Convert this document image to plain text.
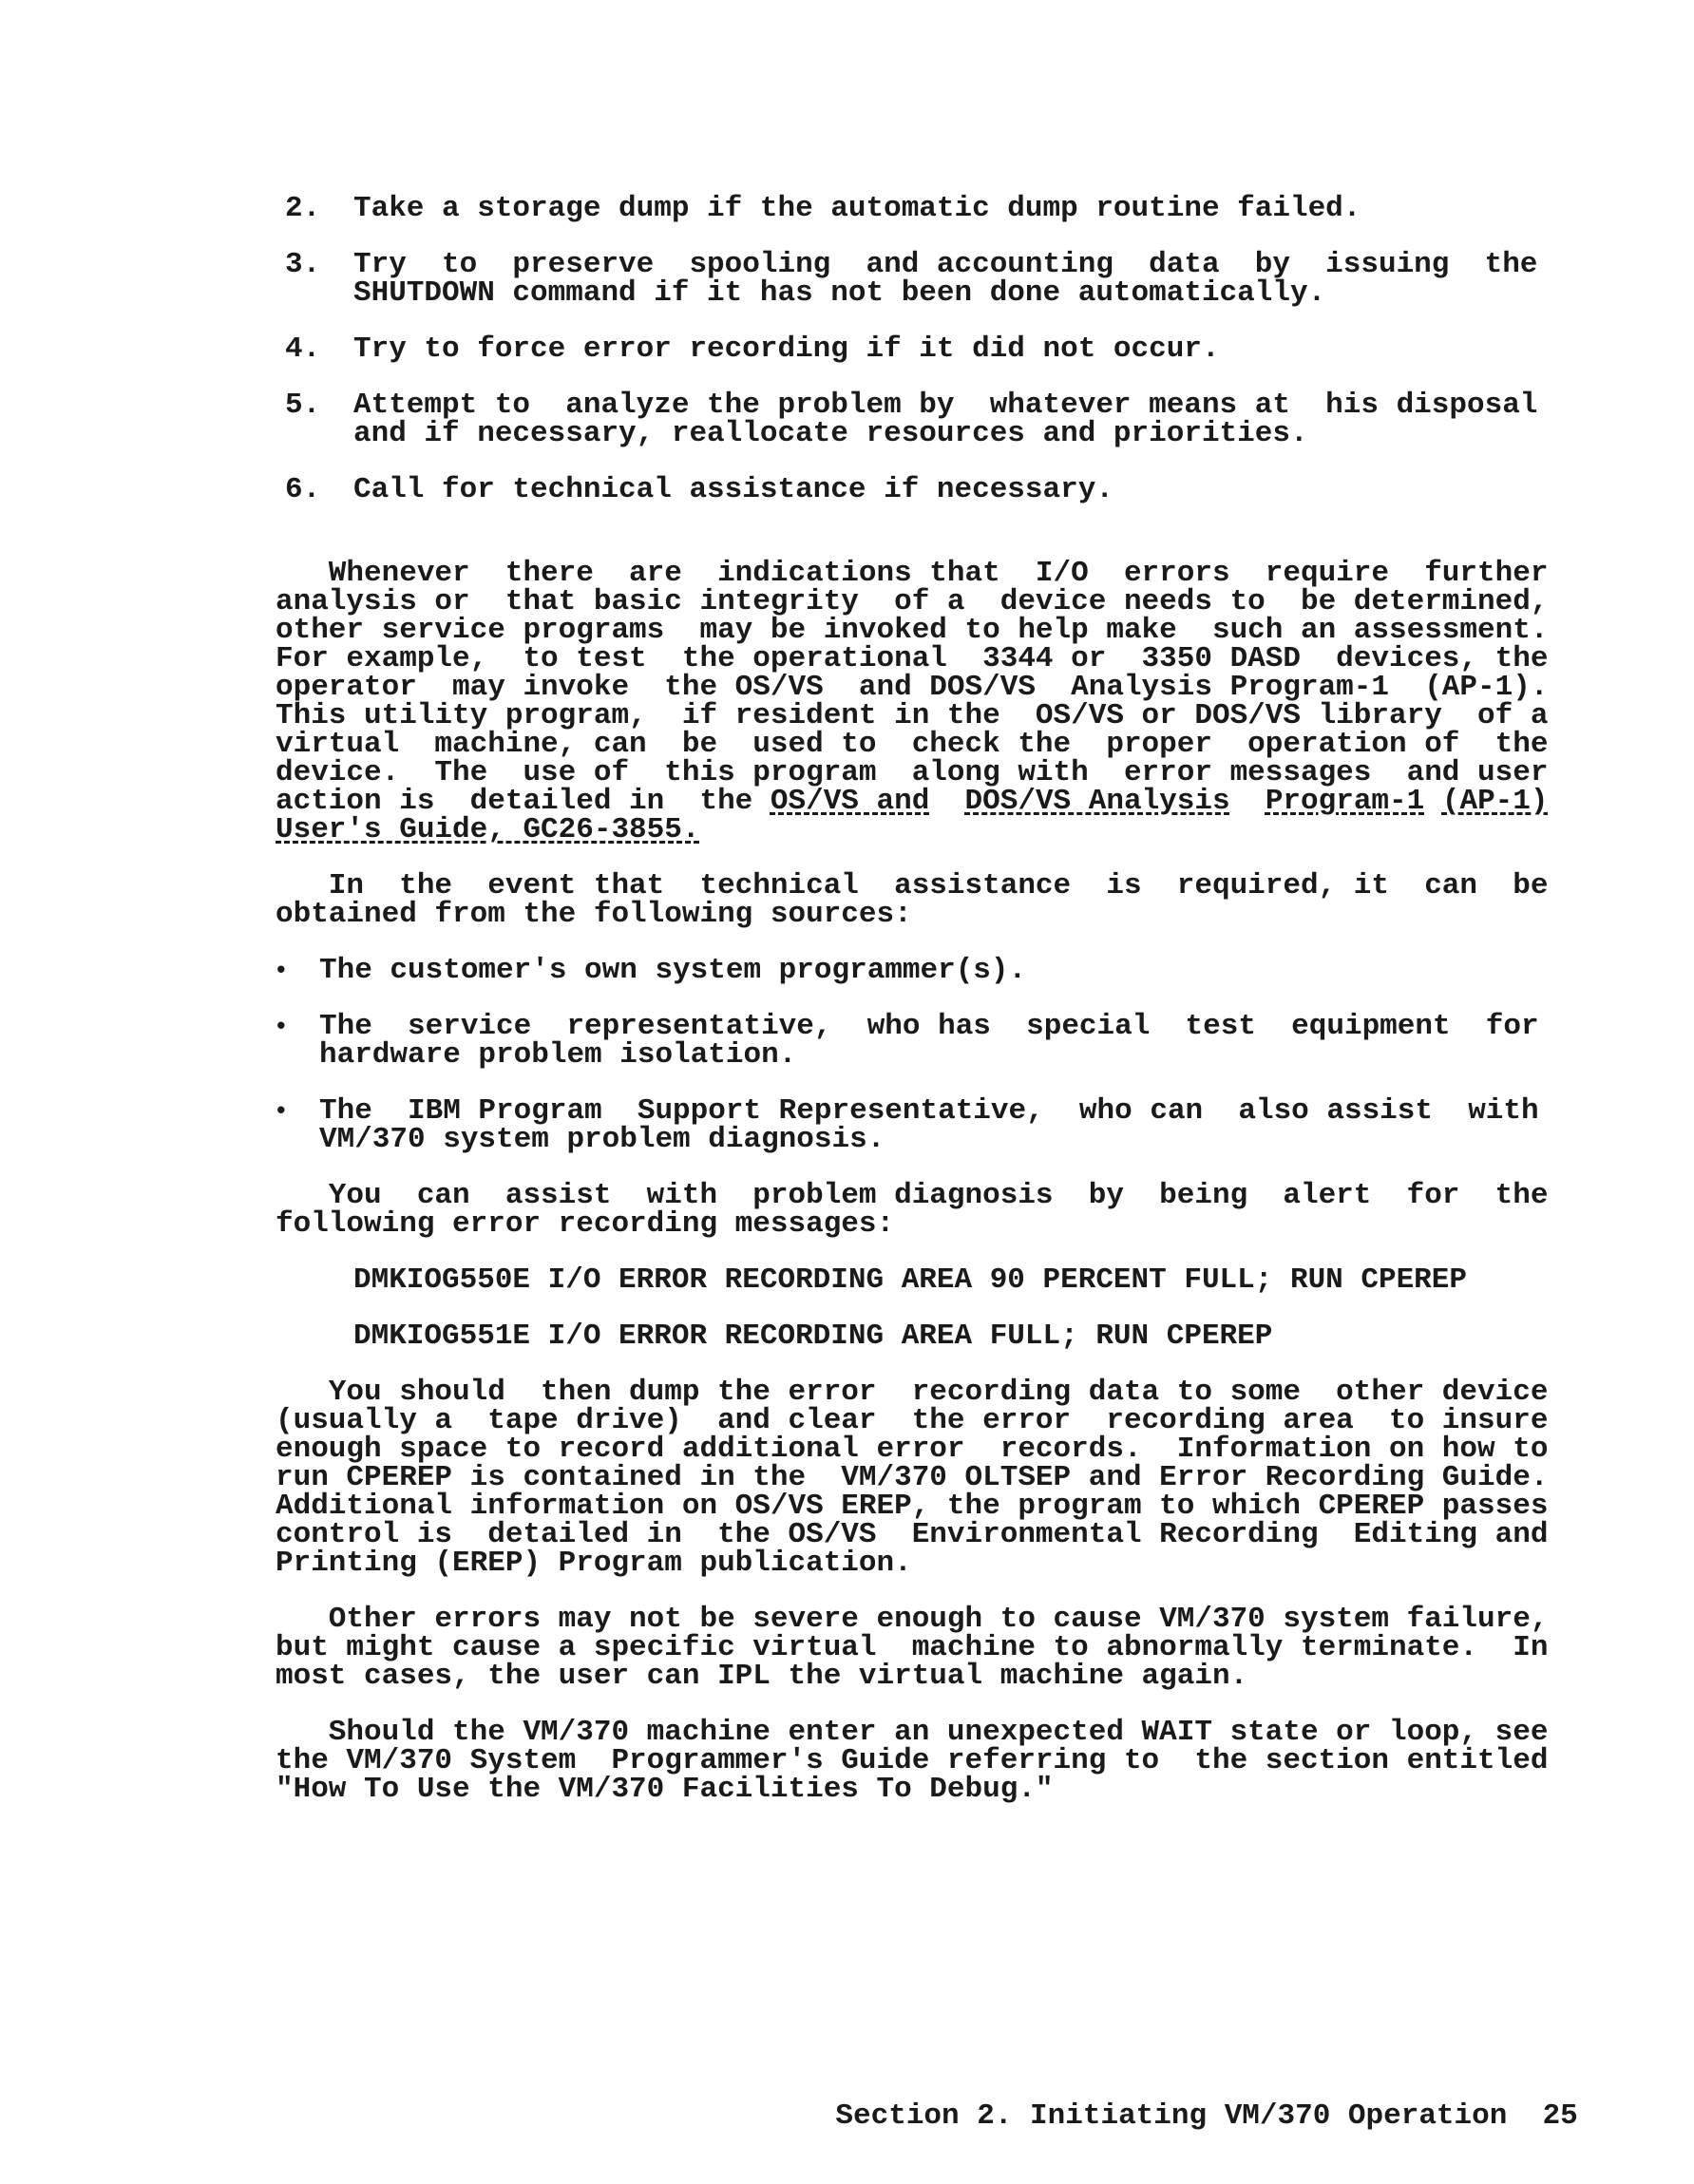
2.	Take a storage dump if the automatic dump routine failed.
3.	Try  to  preserve  spooling  and accounting  data  by  issuing  the
SHUTDOWN command if it has not been done automatically.
4.	Try to force error recording if it did not occur.
5.	Attempt to  analyze the problem by  whatever means at  his disposal
and if necessary, reallocate resources and priorities.
6.	Call for technical assistance if necessary.
Whenever  there  are  indications that  I/O  errors  require  further
analysis or  that basic integrity  of a  device needs to  be determined,
other service programs  may be invoked to help make  such an assessment.
For example,  to test  the operational  3344 or  3350 DASD  devices, the
operator  may invoke  the OS/VS  and DOS/VS  Analysis Program-1  (AP-1).
This utility program,  if resident in the  OS/VS or DOS/VS library  of a
virtual  machine, can  be  used to  check the  proper  operation of  the
device.  The  use of  this program  along with  error messages  and user
action is  detailed in  the OS/VS and DOS/VS Analysis Program-1 (AP-1)
User's Guide, GC26-3855.
In  the  event that  technical  assistance  is  required, it  can  be
obtained from the following sources:
•	The customer's own system programmer(s).
•	The  service  representative,  who has  special  test  equipment  for
hardware problem isolation.
•	The  IBM Program  Support Representative,  who can  also assist  with
VM/370 system problem diagnosis.
You  can  assist  with  problem diagnosis  by  being  alert  for  the
following error recording messages:
DMKIOG550E I/O ERROR RECORDING AREA 90 PERCENT FULL; RUN CPEREP
DMKIOG551E I/O ERROR RECORDING AREA FULL; RUN CPEREP
You should  then dump the error  recording data to some  other device
(usually a  tape drive)  and clear  the error  recording area  to insure
enough space to record additional error  records.  Information on how to
run CPEREP is contained in the  VM/370 OLTSEP and Error Recording Guide.
Additional information on OS/VS EREP, the program to which CPEREP passes
control is  detailed in  the OS/VS  Environmental Recording  Editing and
Printing (EREP) Program publication.
Other errors may not be severe enough to cause VM/370 system failure,
but might cause a specific virtual  machine to abnormally terminate.  In
most cases, the user can IPL the virtual machine again.
Should the VM/370 machine enter an unexpected WAIT state or loop, see
the VM/370 System  Programmer's Guide referring to  the section entitled
"How To Use the VM/370 Facilities To Debug."

Section 2. Initiating VM/370 Operation 25
